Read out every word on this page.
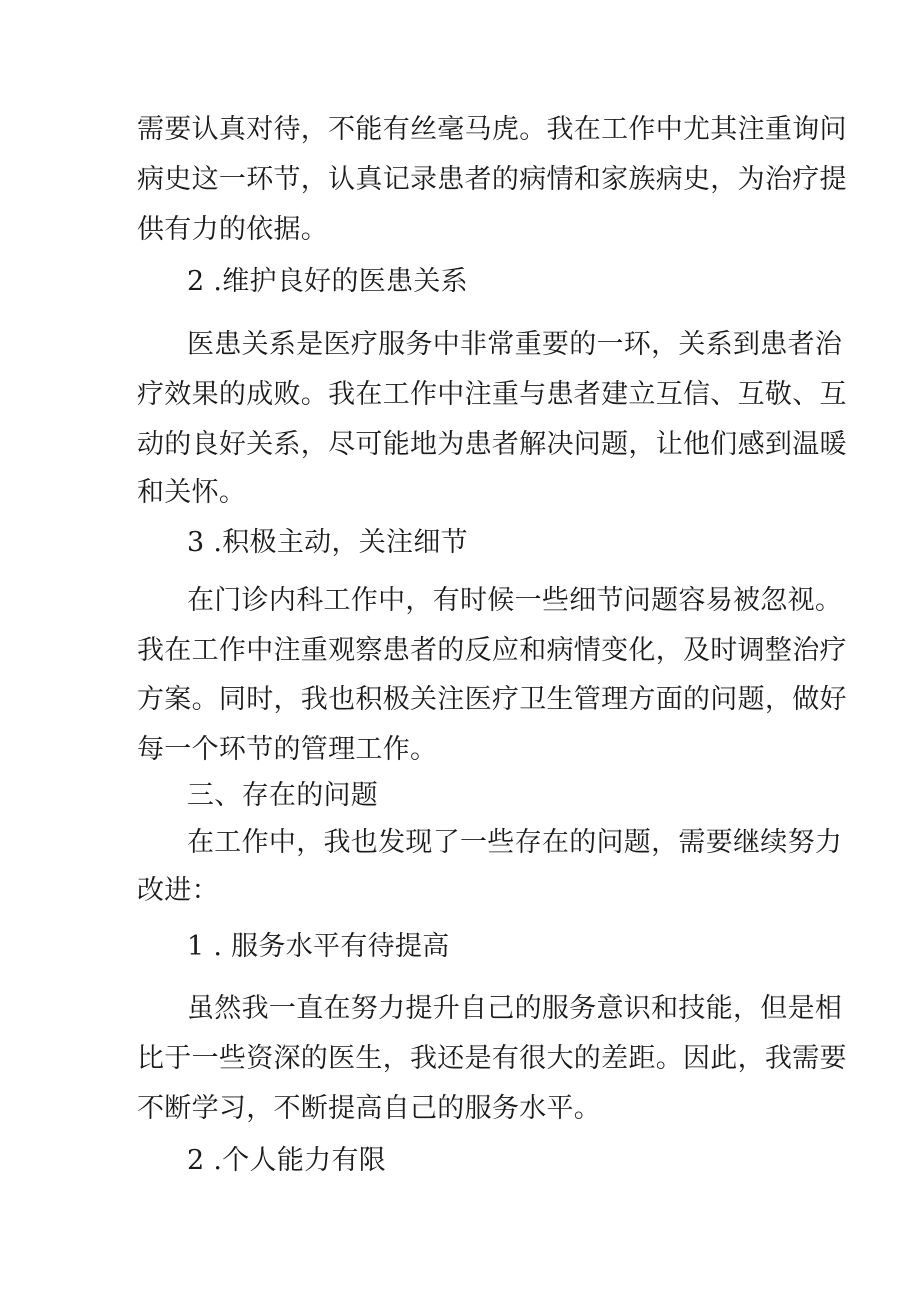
需要认真对待，不能有丝毫马虎。我在工作中尤其注重询问
病史这一环节，认真记录患者的病情和家族病史，为治疗提
供有力的依据。
2 .维护良好的医患关系
医患关系是医疗服务中非常重要的一环，关系到患者治
疗效果的成败。我在工作中注重与患者建立互信、互敬、互
动的良好关系，尽可能地为患者解决问题，让他们感到温暖
和关怀。
3 .积极主动，关注细节
在门诊内科工作中，有时候一些细节问题容易被忽视。
我在工作中注重观察患者的反应和病情变化，及时调整治疗
方案。同时，我也积极关注医疗卫生管理方面的问题，做好
每一个环节的管理工作。
三、存在的问题
在工作中，我也发现了一些存在的问题，需要继续努力
改进：
1 . 服务水平有待提高
虽然我一直在努力提升自己的服务意识和技能，但是相
比于一些资深的医生，我还是有很大的差距。因此，我需要
不断学习，不断提高自己的服务水平。
2 .个人能力有限
